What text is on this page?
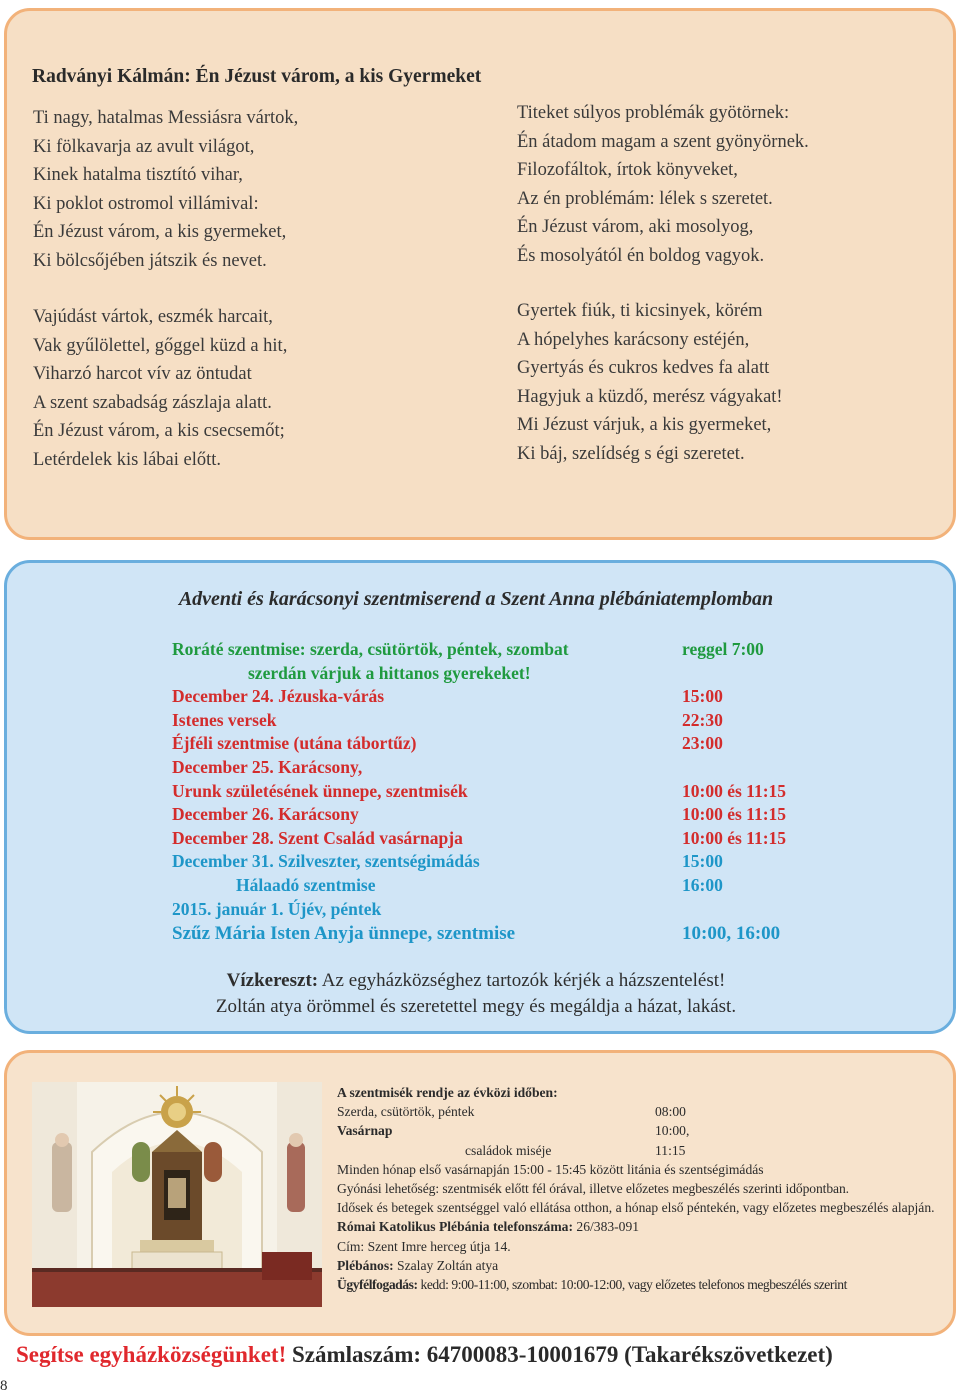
Radványi Kálmán: Én Jézust várom, a kis Gyermeket
Ti nagy, hatalmas Messiásra vártok,
Ki fölkavarja az avult világot,
Kinek hatalma tisztító vihar,
Ki poklot ostromol villámival:
Én Jézust várom, a kis gyermeket,
Ki bölcsőjében játszik és nevet.
Vajúdást vártok, eszmék harcait,
Vak gyűlölettel, gőggel küzd a hit,
Viharzó harcot vív az öntudat
A szent szabadság zászlaja alatt.
Én Jézust várom, a kis csecsemőt;
Letérdelek kis lábai előtt.
Titeket súlyos problémák gyötörnek:
Én átadom magam a szent gyönyörnek.
Filozofáltok, írtok könyveket,
Az én problémám: lélek s szeretet.
Én Jézust várom, aki mosolyog,
És mosolyától én boldog vagyok.
Gyertek fiúk, ti kicsinyek, körém
A hópelyhes karácsony estéjén,
Gyertyás és cukros kedves fa alatt
Hagyjuk a küzdő, merész vágyakat!
Mi Jézust várjuk, a kis gyermeket,
Ki báj, szelídség s égi szeretet.
Adventi és karácsonyi szentmiserend a Szent Anna plébániatemplomban
Roráté szentmise: szerda, csütörtök, péntek, szombat	reggel 7:00
szerdán várjuk a hittanos gyerekeket!
December 24. Jézuska-várás	15:00
Istenes versek	22:30
Éjféli szentmise (utána tábortűz)	23:00
December 25. Karácsony,
Urunk születésének ünnepe, szentmisék	10:00 és 11:15
December 26. Karácsony	10:00 és 11:15
December 28. Szent Család vasárnapja	10:00 és 11:15
December 31. Szilveszter, szentségimádás	15:00
Hálaadó szentmise	16:00
2015. január 1. Újév, péntek
Szűz Mária Isten Anyja ünnepe, szentmise	10:00, 16:00
Vízkereszt: Az egyházközséghez tartozók kérjék a házszentelést!
Zoltán atya örömmel és szeretettel megy és megáldja a házat, lakást.
A szentmisék rendje az évközi időben:
Szerda, csütörtök, péntek	08:00
Vasárnap	10:00,
családok miséje	11:15
Minden hónap első vasárnapján 15:00 - 15:45 között litánia és szentségimádás
Gyónási lehetőség: szentmisék előtt fél órával, illetve előzetes megbeszélés szerinti időpontban.
Idősek és betegek szentséggel való ellátása otthon, a hónap első péntekén, vagy előzetes megbeszélés alapján.
Római Katolikus Plébánia telefonszáma: 26/383-091
Cím: Szent Imre herceg útja 14.
Plébános: Szalay Zoltán atya
Ügyfélfogadás: kedd: 9:00-11:00, szombat: 10:00-12:00, vagy előzetes telefonos megbeszélés szerint
Segítse egyházközségünket! Számlaszám: 64700083-10001679 (Takarékszövetkezet)
8
